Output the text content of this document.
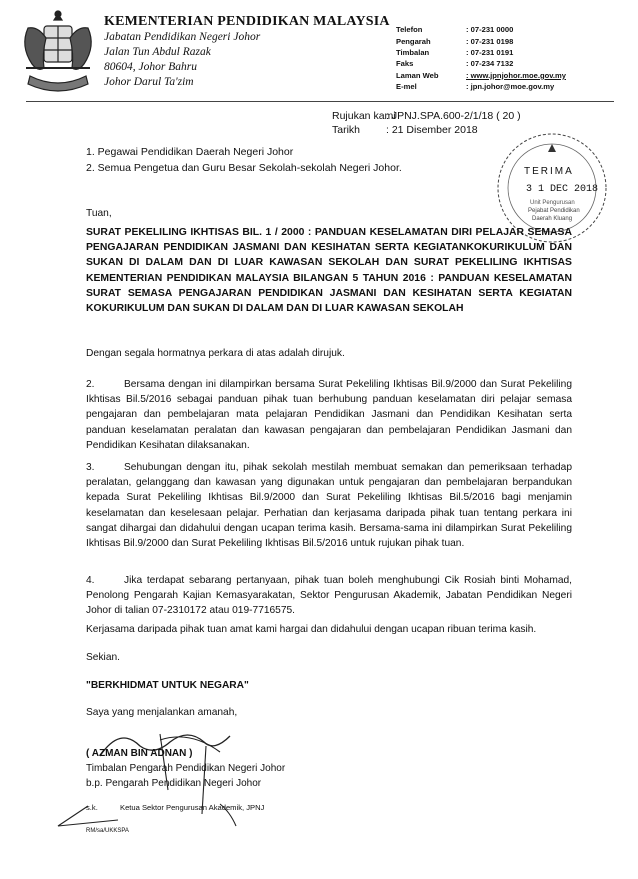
KEMENTERIAN PENDIDIKAN MALAYSIA
Jabatan Pendidikan Negeri Johor
Jalan Tun Abdul Razak
80604, Johor Bahru
Johor Darul Ta'zim
Telefon	: 07-231 0000
Pengarah	: 07-231 0198
Timbalan	: 07-231 0191
Faks	: 07-234 7132
Laman Web	: www.jpnjohor.moe.gov.my
E-mel	: jpn.johor@moe.gov.my
Rujukan kami: JPNJ.SPA.600-2/1/18 ( 20 )
Tarikh : 21 Disember 2018
TERIMA
3 1 DEC 2018
Unit Pengurusan
Pejabat Pendidikan
Daerah Kluang
1. Pegawai Pendidikan Daerah Negeri Johor
2. Semua Pengetua dan Guru Besar Sekolah-sekolah Negeri Johor.
Tuan,
SURAT PEKELILING IKHTISAS BIL. 1 / 2000 : PANDUAN KESELAMATAN DIRI PELAJAR SEMASA PENGAJARAN PENDIDIKAN JASMANI DAN KESIHATAN SERTA KEGIATANKOKURIKULUM DAN SUKAN DI DALAM DAN DI LUAR KAWASAN SEKOLAH DAN SURAT PEKELILING IKHTISAS KEMENTERIAN PENDIDIKAN MALAYSIA BILANGAN 5 TAHUN 2016 : PANDUAN KESELAMATAN SURAT SEMASA PENGAJARAN PENDIDIKAN JASMANI DAN KESIHATAN SERTA KEGIATAN KOKURIKULUM DAN SUKAN DI DALAM DAN DI LUAR KAWASAN SEKOLAH
Dengan segala hormatnya perkara di atas adalah dirujuk.
2.	Bersama dengan ini dilampirkan bersama Surat Pekeliling Ikhtisas Bil.9/2000 dan Surat Pekeliling Ikhtisas Bil.5/2016 sebagai panduan pihak tuan berhubung panduan keselamatan diri pelajar semasa pengajaran dan pembelajaran mata pelajaran Pendidikan Jasmani dan Pendidikan Kesihatan serta panduan keselamatan peralatan dan kawasan pengajaran dan pembelajaran Pendidikan Jasmani dan Pendidikan Kesihatan dilaksanakan.
3.	Sehubungan dengan itu, pihak sekolah mestilah membuat semakan dan pemeriksaan terhadap peralatan, gelanggang dan kawasan yang digunakan untuk pengajaran dan pembelajaran berpandukan kepada Surat Pekeliling Ikhtisas Bil.9/2000 dan Surat Pekeliling Ikhtisas Bil.5/2016 bagi menjamin keselamatan dan keselesaan pelajar. Perhatian dan kerjasama daripada pihak tuan tentang perkara ini sangat dihargai dan didahului dengan ucapan terima kasih. Bersama-sama ini dilampirkan Surat Pekeliling Ikhtisas Bil.9/2000 dan Surat Pekeliling Ikhtisas Bil.5/2016 untuk rujukan pihak tuan.
4.	Jika terdapat sebarang pertanyaan, pihak tuan boleh menghubungi Cik Rosiah binti Mohamad, Penolong Pengarah Kajian Kemasyarakatan, Sektor Pengurusan Akademik, Jabatan Pendidikan Negeri Johor di talian 07-2310172 atau 019-7716575.
Kerjasama daripada pihak tuan amat kami hargai dan didahului dengan ucapan ribuan terima kasih.
Sekian.
"BERKHIDMAT UNTUK NEGARA"
Saya yang menjalankan amanah,
( AZMAN BIN ADNAN )
Timbalan Pengarah Pendidikan Negeri Johor
b.p. Pengarah Pendidikan Negeri Johor
s.k.	Ketua Sektor Pengurusan Akademik, JPNJ
RM/sa/UKKSPA
